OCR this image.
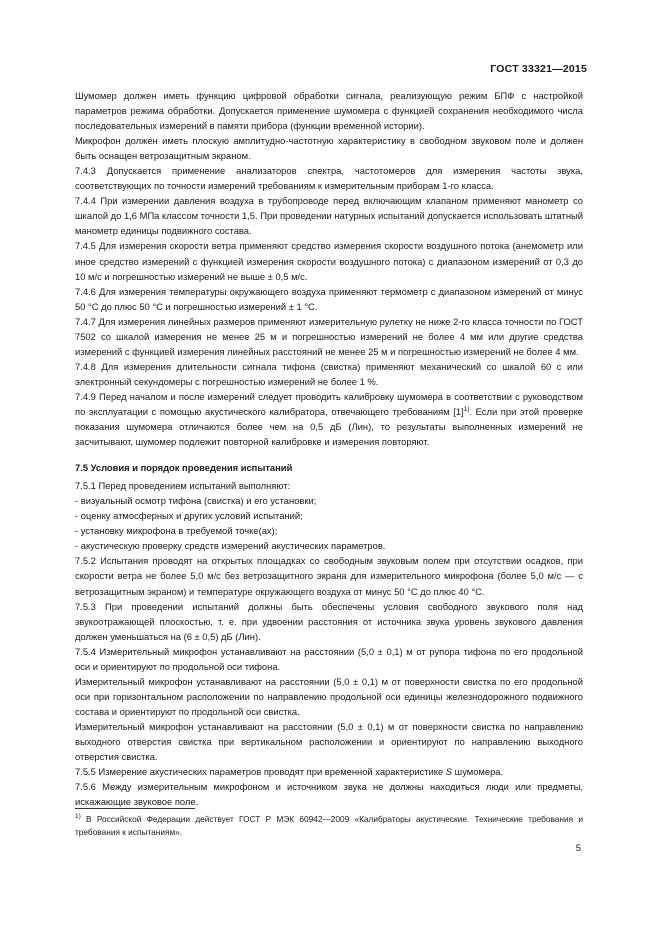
ГОСТ 33321—2015

Шумомер должен иметь функцию цифровой обработки сигнала, реализующую режим БПФ с настройкой параметров режима обработки. Допускается применение шумомера с функцией сохранения необходимого числа последовательных измерений в памяти прибора (функции временной истории).

Микрофон должен иметь плоскую амплитудно-частотную характеристику в свободном звуковом поле и должен быть оснащен ветрозащитным экраном.

7.4.3 Допускается применение анализаторов спектра, частотомеров для измерения частоты звука, соответствующих по точности измерений требованиям к измерительным приборам 1-го класса.

7.4.4 При измерении давления воздуха в трубопроводе перед включающим клапаном применяют манометр со шкалой до 1,6 МПа классом точности 1,5. При проведении натурных испытаний допускается использовать штатный манометр единицы подвижного состава.

7.4.5 Для измерения скорости ветра применяют средство измерения скорости воздушного потока (анемометр или иное средство измерений с функцией измерения скорости воздушного потока) с диапазоном измерений от 0,3 до 10 м/с и погрешностью измерений не выше ± 0,5 м/с.

7.4.6 Для измерения температуры окружающего воздуха применяют термометр с диапазоном измерений от минус 50 °С до плюс 50 °С и погрешностью измерений ± 1 °С.

7.4.7 Для измерения линейных размеров применяют измерительную рулетку не ниже 2-го класса точности по ГОСТ 7502 со шкалой измерения не менее 25 м и погрешностью измерений не более 4 мм или другие средства измерений с функцией измерения линейных расстояний не менее 25 м и погрешностью измерений не более 4 мм.

7.4.8 Для измерения длительности сигнала тифона (свистка) применяют механический со шкалой 60 с или электронный секундомеры с погрешностью измерений не более 1 %.

7.4.9 Перед началом и после измерений следует проводить калибровку шумомера в соответствии с руководством по эксплуатации с помощью акустического калибратора, отвечающего требованиям $[1]^{1)}$. Если при этой проверке показания шумомера отличаются более чем на 0,5 дБ (Лин), то результаты выполненных измерений не засчитывают, шумомер подлежит повторной калибровке и измерения повторяют.

7.5 Условия и порядок проведения испытаний

7.5.1 Перед проведением испытаний выполняют:

- визуальный осмотр тифона (свистка) и его установки;

- оценку атмосферных и других условий испытаний;

- установку микрофона в требуемой точке(ах);

- акустическую проверку средств измерений акустических параметров.

7.5.2 Испытания проводят на открытых площадках со свободным звуковым полем при отсутствии осадков, при скорости ветра не более 5,0 м/с без ветрозащитного экрана для измерительного микрофона (более 5,0 м/с — с ветрозащитным экраном) и температуре окружающего воздуха от минус 50 °С до плюс 40 °С.

7.5.3 При проведении испытаний должны быть обеспечены условия свободного звукового поля над звукоотражающей плоскостью, т. е. при удвоении расстояния от источника звука уровень звукового давления должен уменьшаться на (6 ± 0,5) дБ (Лин).

7.5.4 Измерительный микрофон устанавливают на расстоянии (5,0 ± 0,1) м от рупора тифона по его продольной оси и ориентируют по продольной оси тифона.

Измерительный микрофон устанавливают на расстоянии (5,0 ± 0,1) м от поверхности свистка по его продольной оси при горизонтальном расположении по направлению продольной оси единицы железнодорожного подвижного состава и ориентируют по продольной оси свистка.

Измерительный микрофон устанавливают на расстоянии (5,0 ± 0,1) м от поверхности свистка по направлению выходного отверстия свистка при вертикальном расположении и ориентируют по направлению выходного отверстия свистка.

7.5.5 Измерение акустических параметров проводят при временной характеристике S шумомера.

7.5.6 Между измерительным микрофоном и источником звука не должны находиться люди или предметы, искажающие звуковое поле.

$^{1)}$ В Российской Федерации действует ГОСТ Р МЭК 60942—2009 «Калибраторы акустические. Технические требования и требования к испытаниям».
5
